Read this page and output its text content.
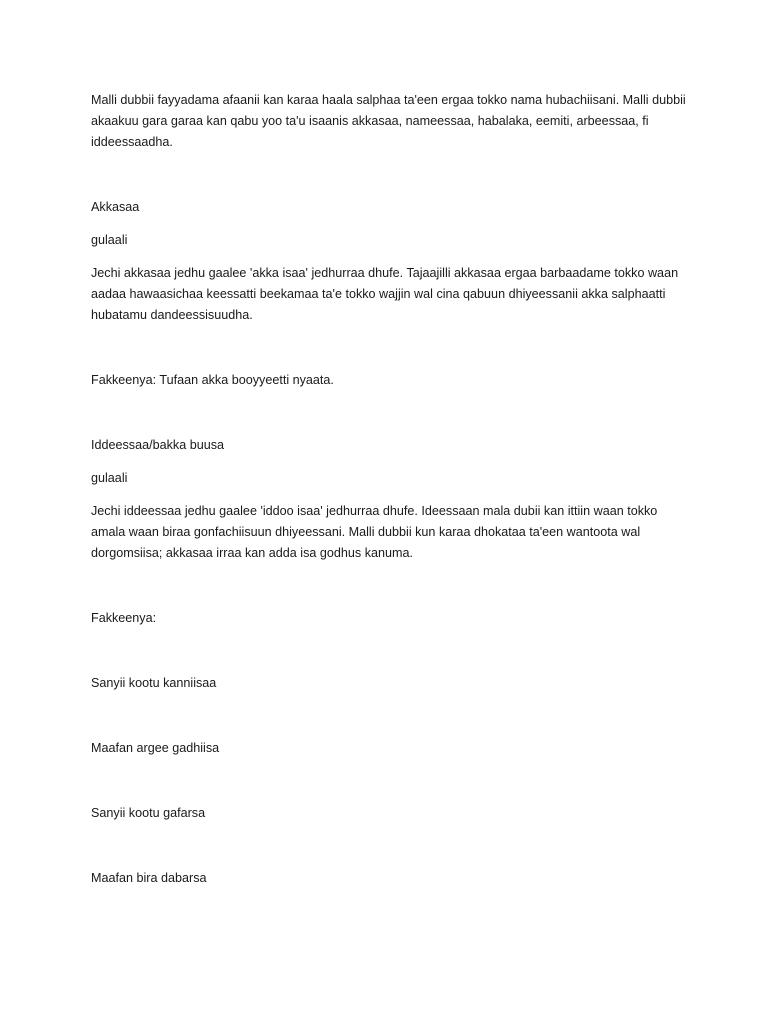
Malli dubbii fayyadama afaanii kan karaa haala salphaa ta'een ergaa tokko nama hubachiisani. Malli dubbii akaakuu gara garaa kan qabu yoo ta'u isaanis akkasaa, nameessaa, habalaka, eemiti, arbeessaa, fi iddeessaadha.

Akkasaa

gulaali

Jechi akkasaa jedhu gaalee 'akka isaa' jedhurraa dhufe. Tajaajilli akkasaa ergaa barbaadame tokko waan aadaa hawaasichaa keessatti beekamaa ta'e tokko wajjin wal cina qabuun dhiyeessanii akka salphaatti hubatamu dandeessisuudha.

Fakkeenya: Tufaan akka booyyeetti nyaata.

Iddeessaa/bakka buusa

gulaali

Jechi iddeessaa jedhu gaalee 'iddoo isaa' jedhurraa dhufe. Ideessaan mala dubii kan ittiin waan tokko amala waan biraa gonfachiisuun dhiyeessani. Malli dubbii kun karaa dhokataa ta'een wantoota wal dorgomsiisa; akkasaa irraa kan adda isa godhus kanuma.

Fakkeenya:

Sanyii kootu kanniisaa

Maafan argee gadhiisa

Sanyii kootu gafarsa

Maafan bira dabarsa
